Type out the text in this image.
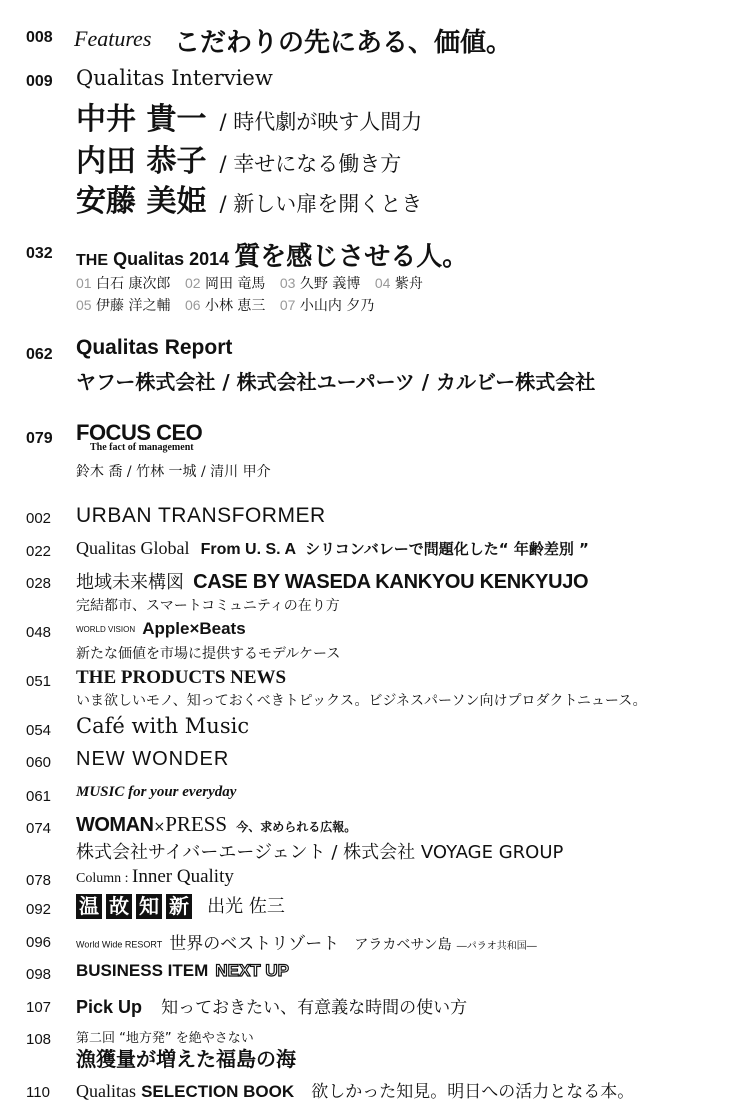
008 Features こだわりの先にある、価値。
009 Qualitas Interview
中井 貴一 / 時代劇が映す人間力
内田 恭子 / 幸せになる働き方
安藤 美姫 / 新しい扉を開くとき
032 THE Qualitas 2014 質を感じさせる人。
01 白石 康次郎 02 岡田 竜馬 03 久野 義博 04 紫舟
05 伊藤 洋之輔 06 小林 恵三 07 小山内 夕乃
062 Qualitas Report
ヤフー株式会社 / 株式会社ユーパーツ / カルビー株式会社
079 FOCUS CEO
The fact of management
鈴木 喬 / 竹林 一城 / 清川 甲介
002 URBAN TRANSFORMER
022 Qualitas Global From U. S. A シリコンバレーで問題化した“ 年齢差別 ”
028 地域未来構図 CASE BY WASEDA KANKYOU KENKYUJO
完結都市、スマートコミュニティの在り方
048	WORLD VISION Apple×Beats
新たな価値を市場に提供するモデルケース
051 THE PRODUCTS NEWS
いま欲しいモノ、知っておくべきトピックス。ビジネスパーソン向けプロダクトニュース。
054 Café with Music
060 NEW WONDER
061 MUSIC for your everyday
074 WOMAN×PRESS 今、求められる広報。
株式会社サイバーエージェント / 株式会社 VOYAGE GROUP
078 Column : Inner Quality
092 温 故 知 新 出光 佐三
096	World Wide RESORT 世界のベストリゾート アラカベサン島 ―パラオ共和国―
098 BUSINESS ITEM NEXT UP
107 Pick Up 知っておきたい、有意義な時間の使い方
108 第二回 “地方発” を絶やさない
漁獲量が増えた福島の海
110 Qualitas SELECTION BOOK 欲しかった知見。明日への活力となる本。
